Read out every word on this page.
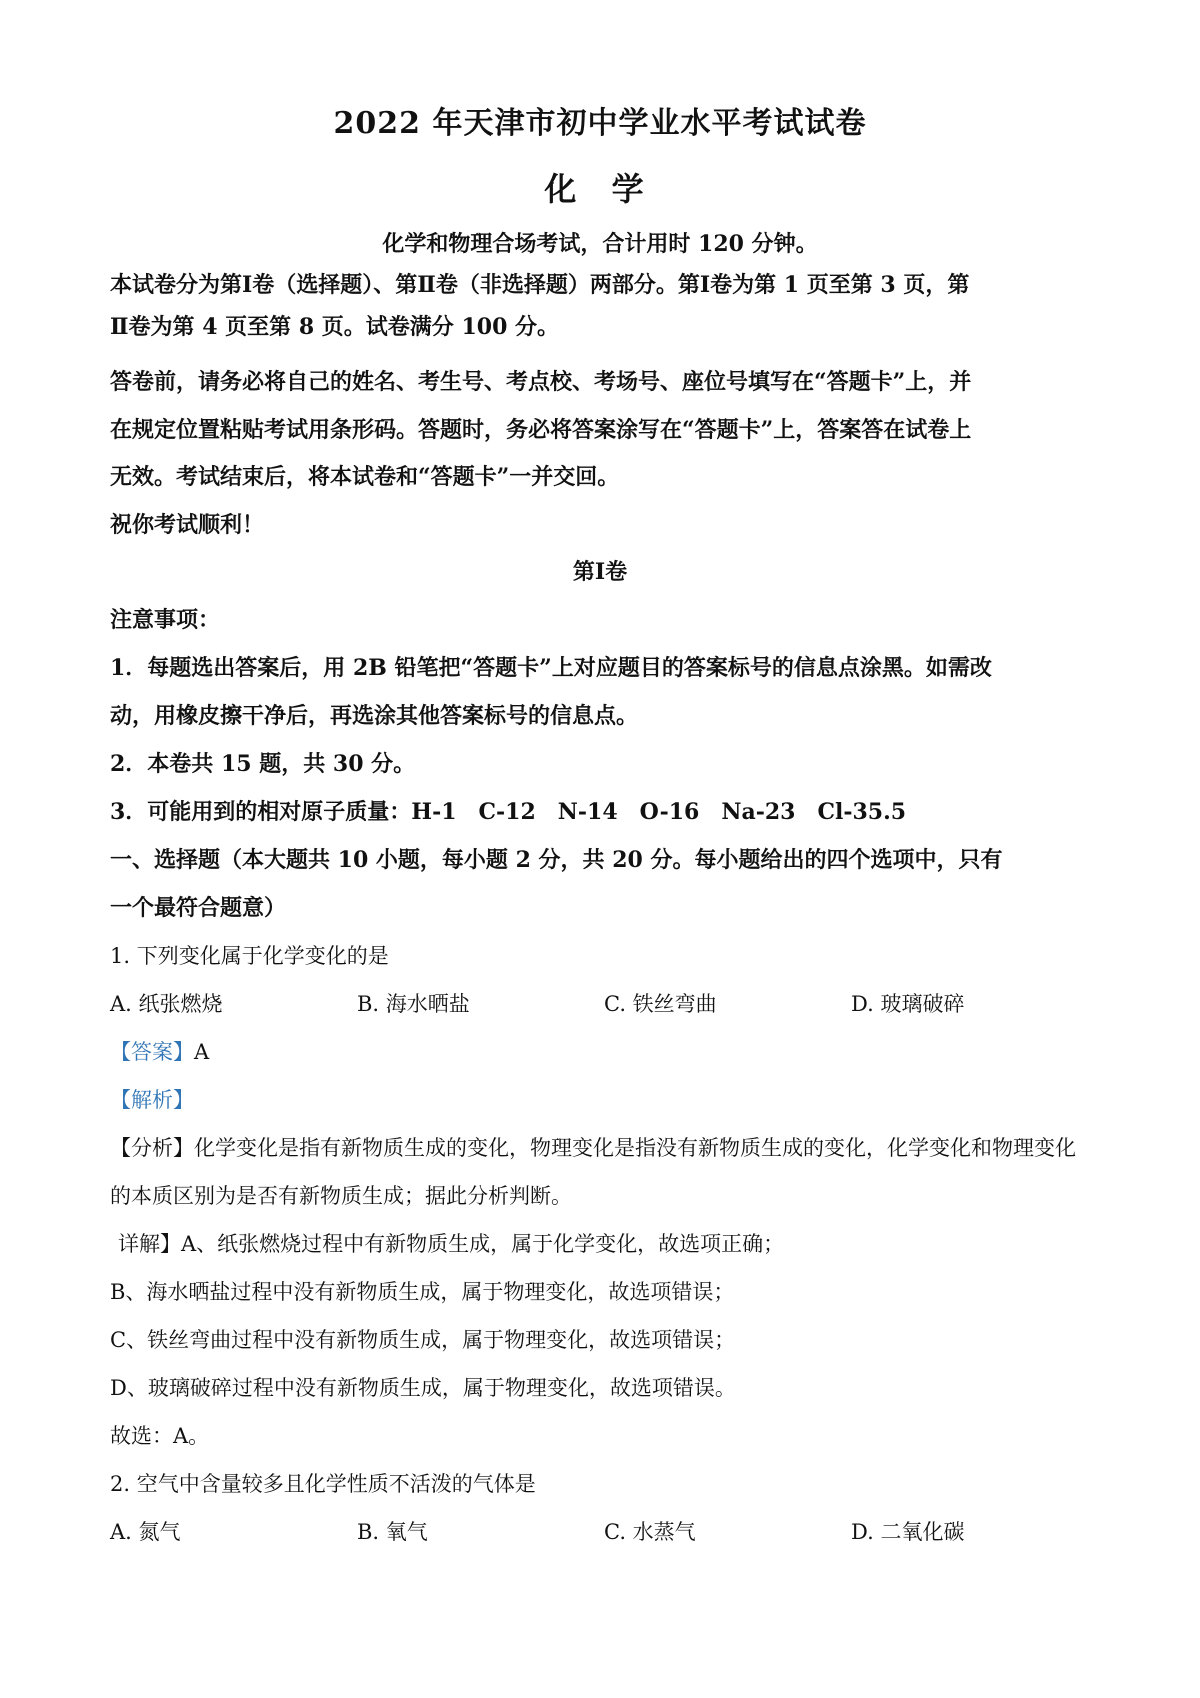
2022 年天津市初中学业水平考试试卷
化 学
化学和物理合场考试，合计用时 120 分钟。
本试卷分为第Ⅰ卷（选择题）、第Ⅱ卷（非选择题）两部分。第Ⅰ卷为第 1 页至第 3 页，第
Ⅱ卷为第 4 页至第 8 页。试卷满分 100 分。
答卷前，请务必将自己的姓名、考生号、考点校、考场号、座位号填写在“答题卡”上，并
在规定位置粘贴考试用条形码。答题时，务必将答案涂写在“答题卡”上，答案答在试卷上
无效。考试结束后，将本试卷和“答题卡”一并交回。
祝你考试顺利！
第Ⅰ卷
注意事项：
1．每题选出答案后，用 2B 铅笔把“答题卡”上对应题目的答案标号的信息点涂黑。如需改
动，用橡皮擦干净后，再选涂其他答案标号的信息点。
2．本卷共 15 题，共 30 分。
3．可能用到的相对原子质量：H-1　C-12　N-14　O-16　Na-23　Cl-35.5
一、选择题（本大题共 10 小题，每小题 2 分，共 20 分。每小题给出的四个选项中，只有
一个最符合题意）
1. 下列变化属于化学变化的是
A. 纸张燃烧	B. 海水晒盐	C. 铁丝弯曲	D. 玻璃破碎
【答案】A
【解析】
【分析】化学变化是指有新物质生成的变化，物理变化是指没有新物质生成的变化，化学变化和物理变化
的本质区别为是否有新物质生成；据此分析判断。
详解】A、纸张燃烧过程中有新物质生成，属于化学变化，故选项正确；
B、海水晒盐过程中没有新物质生成，属于物理变化，故选项错误；
C、铁丝弯曲过程中没有新物质生成，属于物理变化，故选项错误；
D、玻璃破碎过程中没有新物质生成，属于物理变化，故选项错误。
故选：A。
2. 空气中含量较多且化学性质不活泼的气体是
A. 氮气	B. 氧气	C. 水蒸气	D. 二氧化碳
